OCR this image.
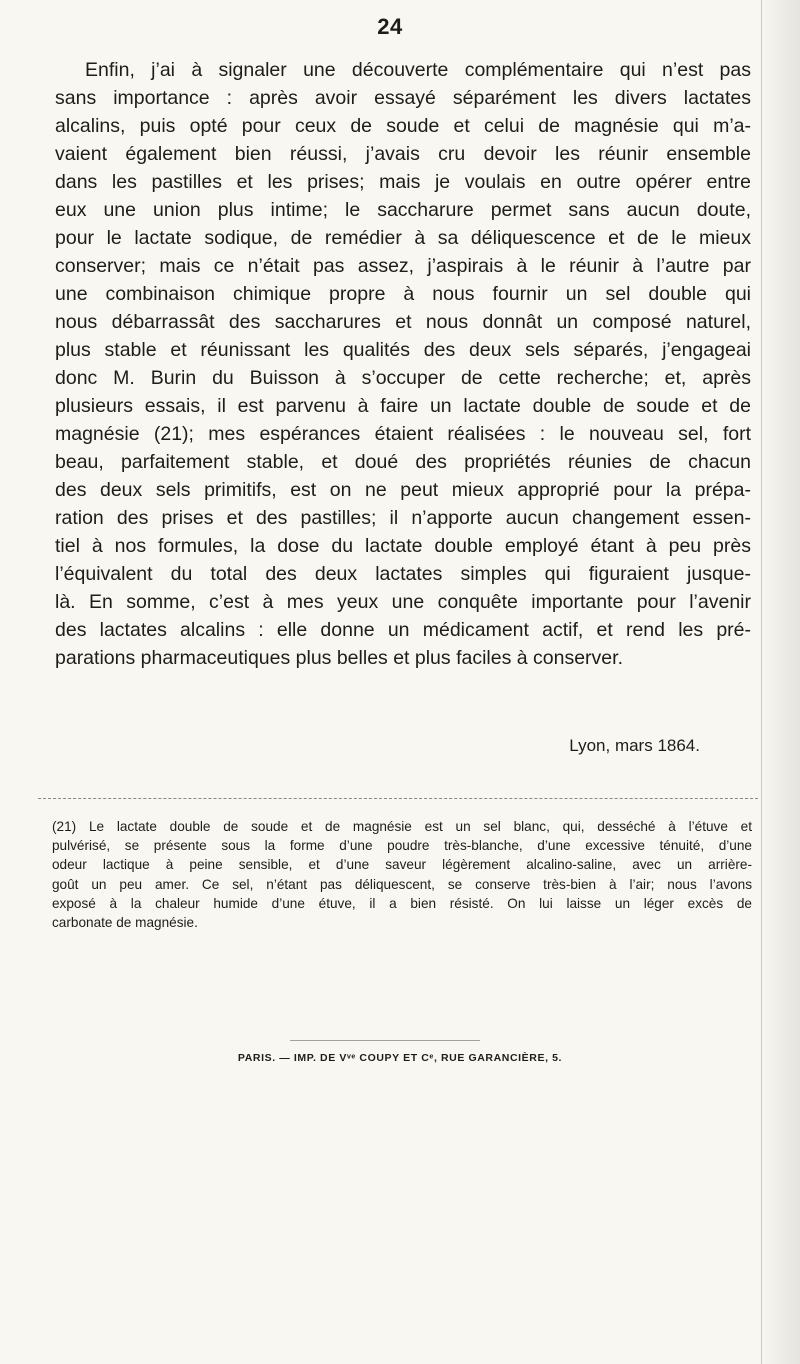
24
Enfin, j’ai à signaler une découverte complémentaire qui n’est pas
sans importance : après avoir essayé séparément les divers lactates
alcalins, puis opté pour ceux de soude et celui de magnésie qui m’a-
vaient également bien réussi, j’avais cru devoir les réunir ensemble
dans les pastilles et les prises; mais je voulais en outre opérer entre
eux une union plus intime; le saccharure permet sans aucun doute,
pour le lactate sodique, de remédier à sa déliquescence et de le mieux
conserver; mais ce n’était pas assez, j’aspirais à le réunir à l’autre par
une combinaison chimique propre à nous fournir un sel double qui
nous débarrassât des saccharures et nous donnât un composé naturel,
plus stable et réunissant les qualités des deux sels séparés, j’engageai
donc M. Burin du Buisson à s’occuper de cette recherche; et, après
plusieurs essais, il est parvenu à faire un lactate double de soude et de
magnésie (21); mes espérances étaient réalisées : le nouveau sel, fort
beau, parfaitement stable, et doué des propriétés réunies de chacun
des deux sels primitifs, est on ne peut mieux approprié pour la prépa-
ration des prises et des pastilles; il n’apporte aucun changement essen-
tiel à nos formules, la dose du lactate double employé étant à peu près
l’équivalent du total des deux lactates simples qui figuraient jusque-
là. En somme, c’est à mes yeux une conquête importante pour l’avenir
des lactates alcalins : elle donne un médicament actif, et rend les pré-
parations pharmaceutiques plus belles et plus faciles à conserver.
Lyon, mars 1864.
(21) Le lactate double de soude et de magnésie est un sel blanc, qui, desséché à l’étuve et
pulvérisé, se présente sous la forme d’une poudre très-blanche, d’une excessive ténuité, d’une
odeur lactique à peine sensible, et d’une saveur légèrement alcalino-saline, avec un arrière-
goût un peu amer. Ce sel, n’étant pas déliquescent, se conserve très-bien à l’air; nous l’avons
exposé à la chaleur humide d’une étuve, il a bien résisté. On lui laisse un léger excès de
carbonate de magnésie.
PARIS. — IMP. DE Vᵛᵉ COUPY ET Cᵉ, RUE GARANCIÈRE, 5.
